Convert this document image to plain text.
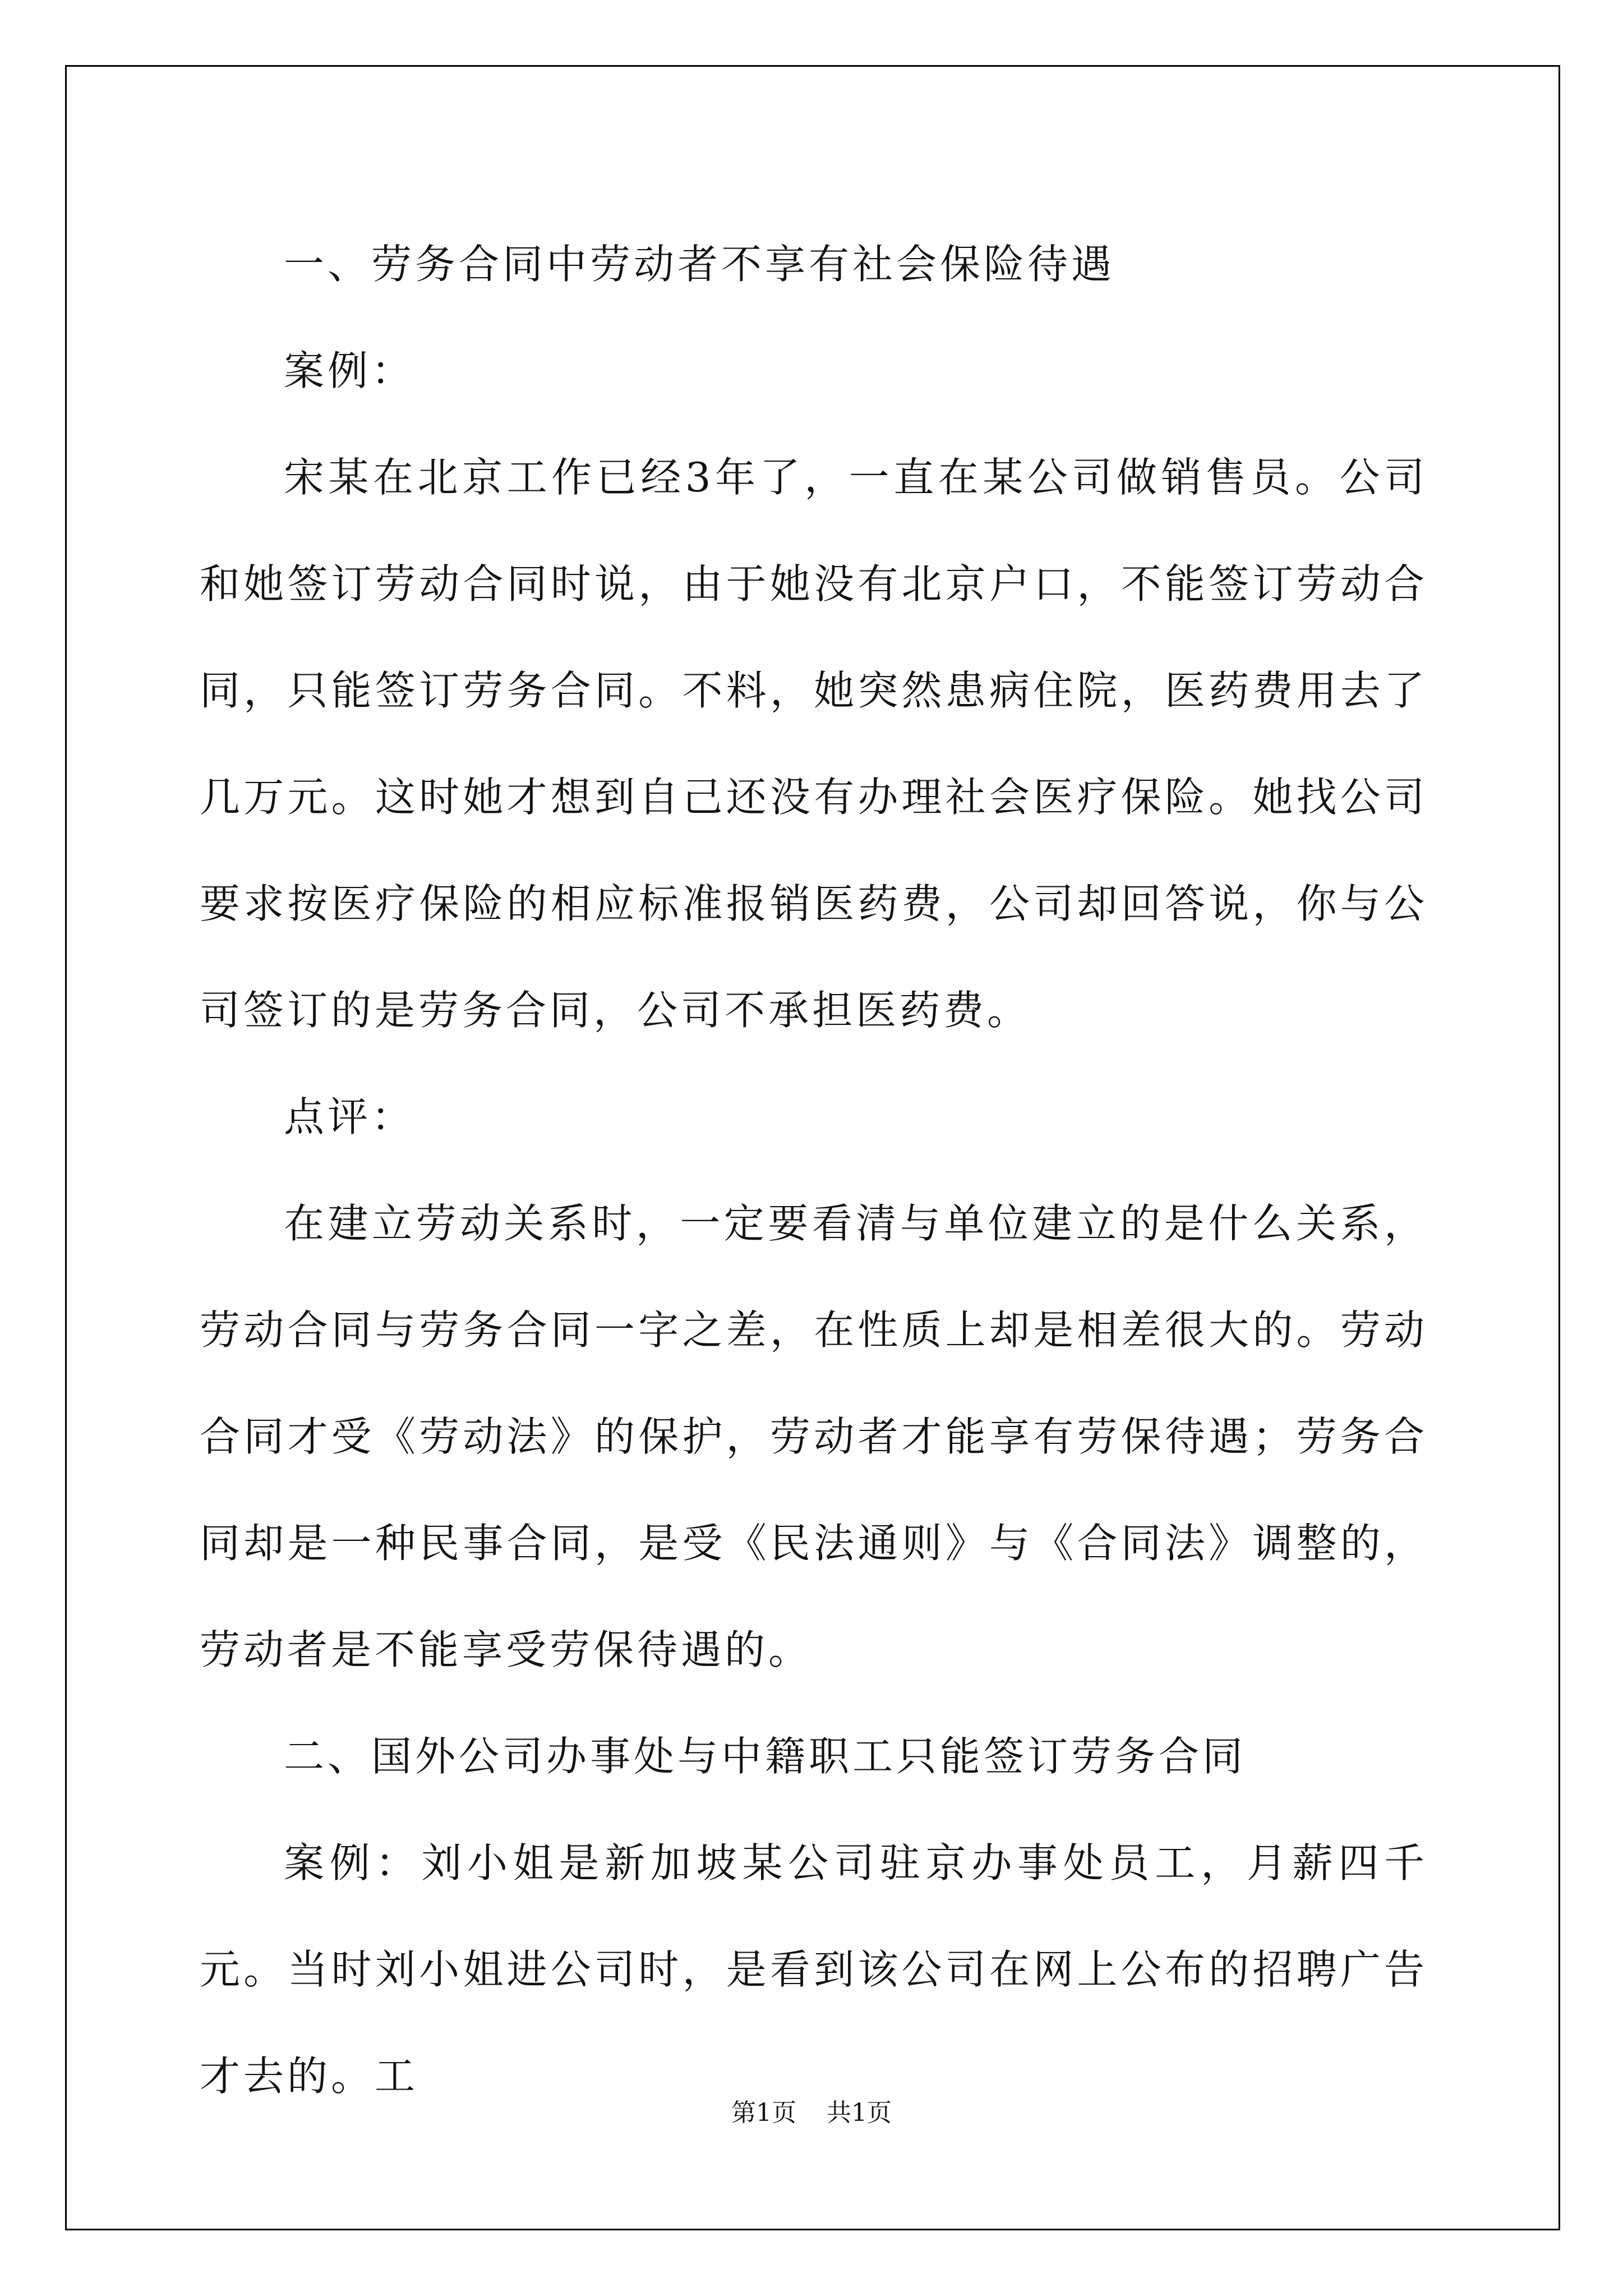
一、劳务合同中劳动者不享有社会保险待遇

案例：

宋某在北京工作已经3年了，一直在某公司做销售员。公司和她签订劳动合同时说，由于她没有北京户口，不能签订劳动合同，只能签订劳务合同。不料，她突然患病住院，医药费用去了几万元。这时她才想到自己还没有办理社会医疗保险。她找公司要求按医疗保险的相应标准报销医药费，公司却回答说，你与公司签订的是劳务合同，公司不承担医药费。

点评：

在建立劳动关系时，一定要看清与单位建立的是什么关系，劳动合同与劳务合同一字之差，在性质上却是相差很大的。劳动合同才受《劳动法》的保护，劳动者才能享有劳保待遇；劳务合同却是一种民事合同，是受《民法通则》与《合同法》调整的，劳动者是不能享受劳保待遇的。

二、国外公司办事处与中籍职工只能签订劳务合同

案例：刘小姐是新加坡某公司驻京办事处员工，月薪四千元。当时刘小姐进公司时，是看到该公司在网上公布的招聘广告才去的。工

第1页 共1页
